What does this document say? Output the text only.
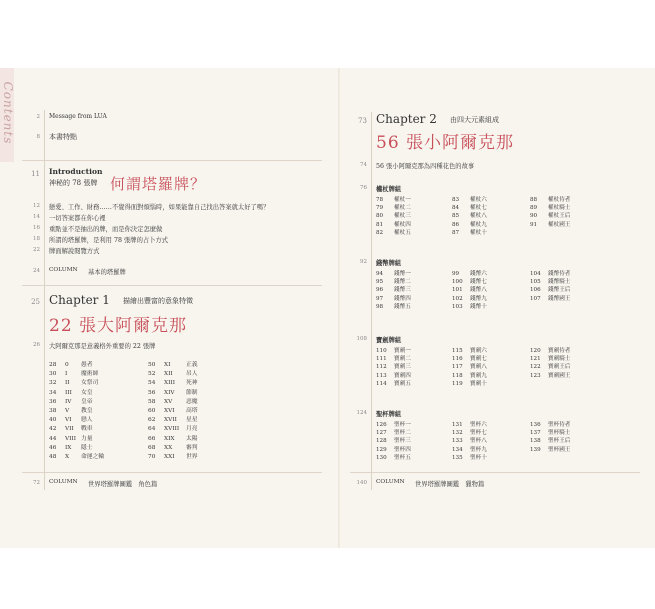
Contents	2 Message from LUA
8 本書特點
11 Introduction
神秘的 78 張牌 何謂塔羅牌？
12 戀愛、工作、財務……不覺得面對煩惱時，如果能靠自己找出答案就太好了嗎？
14 一切答案都在你心裡
16 重點並不是抽出的牌，而是你決定怎麼做
18 所謂的塔羅牌，是利用 78 張牌的占卜方式
22 牌面解說閱覽方式
24 COLUMN 基本的塔羅牌
25 Chapter 1 描繪出豐富的意象特徵
22 張大阿爾克那
26 大阿爾克那是意義格外重要的 22 張牌
28 0 愚者
30 I 魔術師
32 II 女祭司
34 III 女皇
36 IV 皇帝
38 V 教皇
40 VI 戀人
42 VII 戰車
44 VIII 力量
46 IX 隱士
48 X 命運之輪
50 XI	正義
52 XII 吊人
54 XIII 死神
56 XIV 節制
58 XV 惡魔
60 XVI 高塔
62 XVII 星星
64 XVIII 月亮
66 XIX 太陽
68 XX 審判
70 XXI 世界
72 COLUMN 世界塔羅牌圖鑑　角色篇
73 Chapter 2 由四大元素組成
56 張小阿爾克那
74 56 張小阿爾克那為四種花色的故事
76 權杖牌組
78 權杖一
79 權杖二
80 權杖三
81 權杖四
82 權杖五
83 權杖六
84 權杖七
85 權杖八
86 權杖九
87 權杖十
88 權杖侍者
89 權杖騎士
90 權杖王后
91 權杖國王
92 錢幣牌組
94 錢幣一
95 錢幣二
96 錢幣三
97 錢幣四
98 錢幣五
99 錢幣六
100 錢幣七
101 錢幣八
102 錢幣九
103 錢幣十
104 錢幣侍者
105 錢幣騎士
106 錢幣王后
107 錢幣國王
108 寶劍牌組
110 寶劍一
111 寶劍二
112 寶劍三
113 寶劍四
114 寶劍五
115 寶劍六
116 寶劍七
117 寶劍八
118 寶劍九
119 寶劍十
120 寶劍侍者
121 寶劍騎士
122 寶劍王后
123 寶劍國王
124 聖杯牌組
126 聖杯一
127 聖杯二
128 聖杯三
129 聖杯四
130 聖杯五
131 聖杯六
132 聖杯七
133 聖杯八
134 聖杯九
135 聖杯十
136 聖杯侍者
137 聖杯騎士
138 聖杯王后
139 聖杯國王
140 COLUMN 世界塔羅牌圖鑑　獵物篇
